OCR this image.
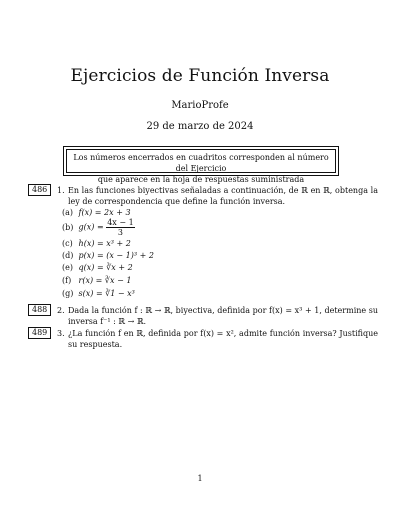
Ejercicios de Función Inversa
MarioProfe
29 de marzo de 2024
Los números encerrados en cuadritos corresponden al número del Ejercicio
que aparece en la hoja de respuestas suministrada
486	1. En las funciones biyectivas señaladas a continuación, de ℝ en ℝ, obtenga la ley de correspondencia que define la función inversa.
(a) f(x) = 2x + 3
(b) $g(x) = \frac{4x - 1}{3}$
(c) h(x) = x³ + 2
(d) p(x) = (x − 1)³ + 2
(e) q(x) = ∛x + 2
(f) r(x) = ∛x − 1
(g) s(x) = ∛1 − x³
488	2. Dada la función f : ℝ → ℝ, biyectiva, definida por f(x) = x³ + 1, determine su inversa f⁻¹ : ℝ → ℝ.
489	3. ¿La función f en ℝ, definida por f(x) = x², admite función inversa? Justifique su respuesta.
1
